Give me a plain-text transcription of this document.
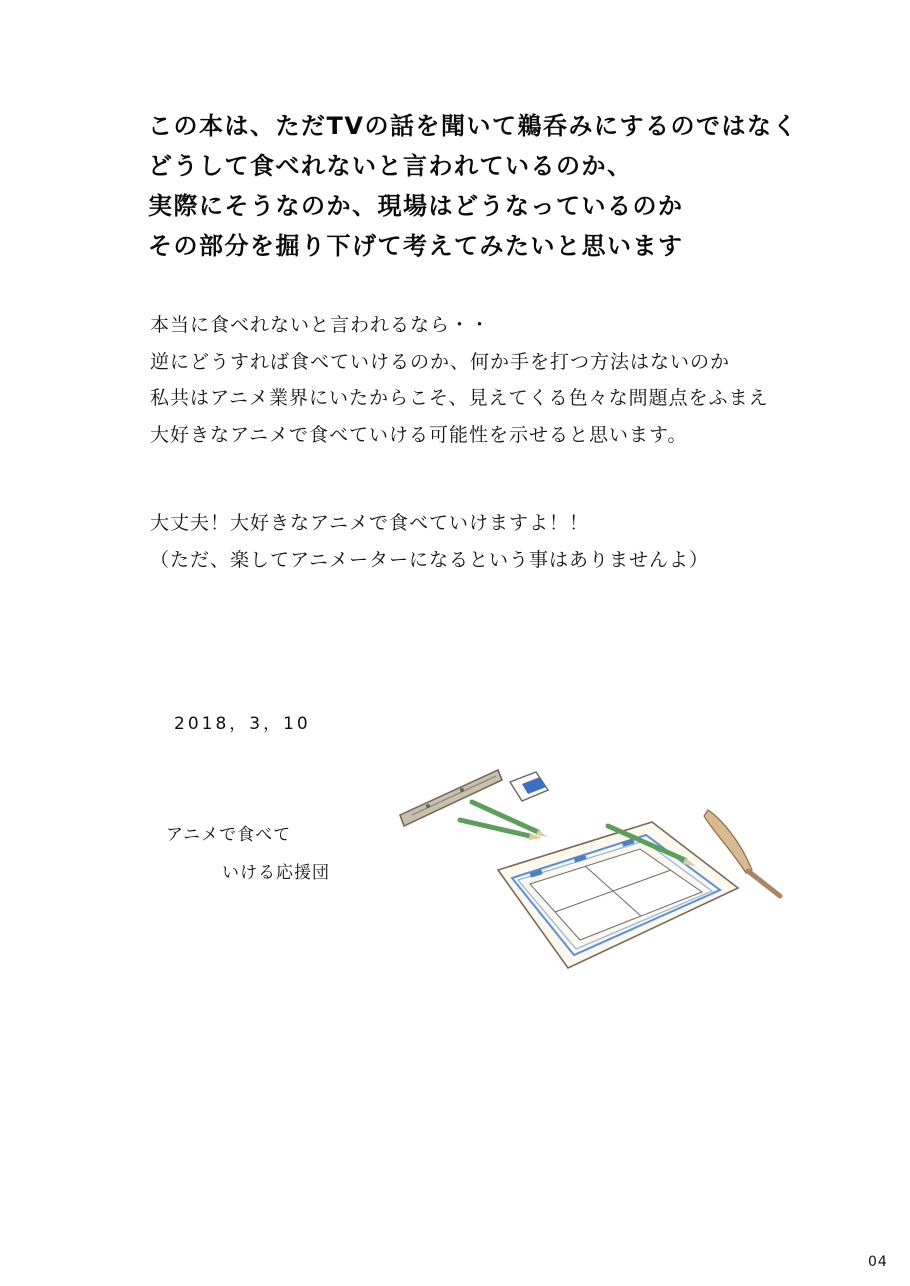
この本は、ただTVの話を聞いて鵜呑みにするのではなく
どうして食べれないと言われているのか、
実際にそうなのか、現場はどうなっているのか
その部分を掘り下げて考えてみたいと思います
本当に食べれないと言われるなら・・
逆にどうすれば食べていけるのか、何か手を打つ方法はないのか
私共はアニメ業界にいたからこそ、見えてくる色々な問題点をふまえ
大好きなアニメで食べていける可能性を示せると思います。
大丈夫！大好きなアニメで食べていけますよ！！
（ただ、楽してアニメーターになるという事はありませんよ）
2018，3，10
アニメで食べて
いける応援団
04
